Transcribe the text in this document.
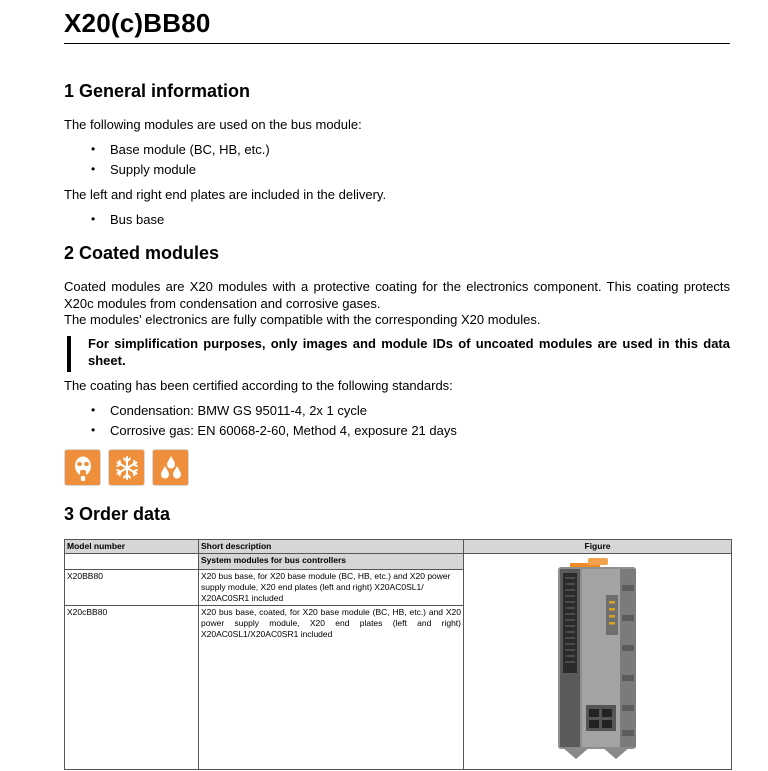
X20(c)BB80
1 General information
The following modules are used on the bus module:
• Base module (BC, HB, etc.)
• Supply module
The left and right end plates are included in the delivery.
• Bus base
2 Coated modules
Coated modules are X20 modules with a protective coating for the electronics component. This coating protects X20c modules from condensation and corrosive gases.
The modules' electronics are fully compatible with the corresponding X20 modules.
For simplification purposes, only images and module IDs of uncoated modules are used in this data sheet.
The coating has been certified according to the following standards:
• Condensation: BMW GS 95011-4, 2x 1 cycle
• Corrosive gas: EN 60068-2-60, Method 4, exposure 21 days
3 Order data
Model number	Short description	Figure
	System modules for bus controllers	
X20BB80	X20 bus base, for X20 base module (BC, HB, etc.) and X20 power supply module, X20 end plates (left and right) X20AC0SL1/ X20AC0SR1 included	
X20cBB80	X20 bus base, coated, for X20 base module (BC, HB, etc.) and X20 power supply module, X20 end plates (left and right) X20AC0SL1/X20AC0SR1 included	
